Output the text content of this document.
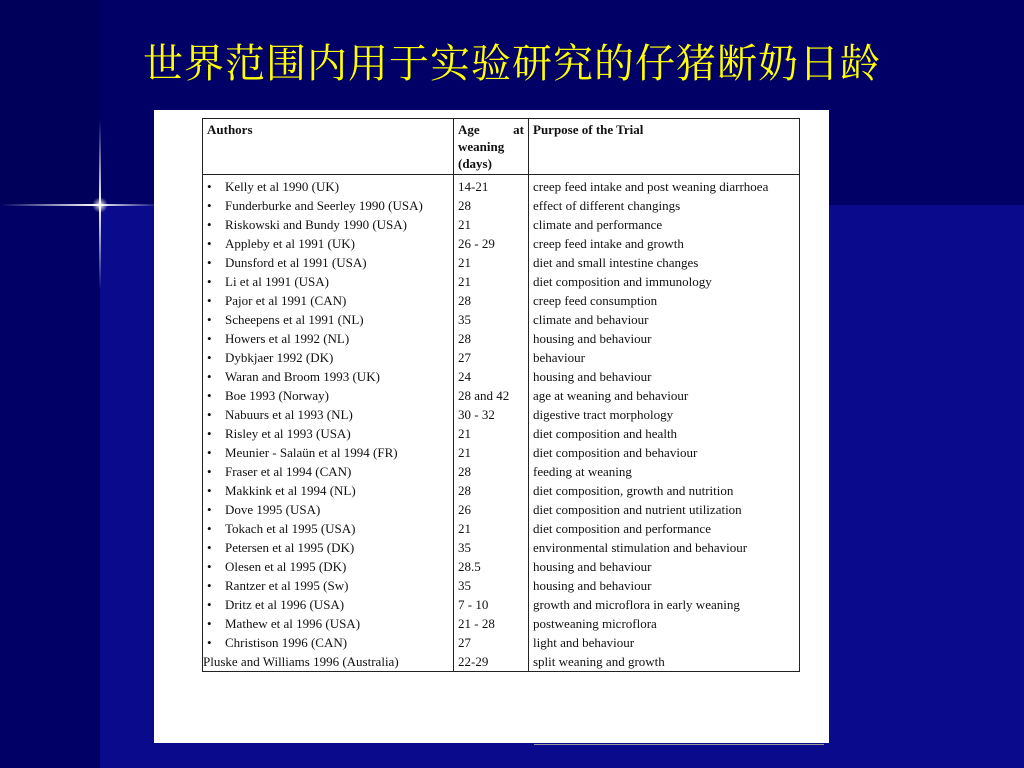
世界范围内用于实验研究的仔猪断奶日龄
Authors	Age at weaning (days)	Purpose of the Trial
• Kelly et al 1990 (UK)	14-21	creep feed intake and post weaning diarrhoea
• Funderburke and Seerley 1990 (USA)	28	effect of different changings
• Riskowski and Bundy 1990 (USA)	21	climate and performance
• Appleby et al 1991 (UK)	26 - 29	creep feed intake and growth
• Dunsford et al 1991 (USA)	21	diet and small intestine changes
• Li et al 1991 (USA)	21	diet composition and immunology
• Pajor et al 1991 (CAN)	28	creep feed consumption
• Scheepens et al 1991 (NL)	35	climate and behaviour
• Howers et al 1992 (NL)	28	housing and behaviour
• Dybkjaer 1992 (DK)	27	behaviour
• Waran and Broom 1993 (UK)	24	housing and behaviour
• Boe 1993 (Norway)	28 and 42	age at weaning and behaviour
• Nabuurs et al 1993 (NL)	30 - 32	digestive tract morphology
• Risley et al 1993 (USA)	21	diet composition and health
• Meunier - Salaün et al 1994 (FR)	21	diet composition and behaviour
• Fraser et al 1994 (CAN)	28	feeding at weaning
• Makkink et al 1994 (NL)	28	diet composition, growth and nutrition
• Dove 1995 (USA)	26	diet composition and nutrient utilization
• Tokach et al 1995 (USA)	21	diet composition and performance
• Petersen et al 1995 (DK)	35	environmental stimulation and behaviour
• Olesen et al 1995 (DK)	28.5	housing and behaviour
• Rantzer et al 1995 (Sw)	35	housing and behaviour
• Dritz et al 1996 (USA)	7 - 10	growth and microflora in early weaning
• Mathew et al 1996 (USA)	21 - 28	postweaning microflora
• Christison 1996 (CAN)	27	light and behaviour
Pluske and Williams 1996 (Australia)	22-29	split weaning and growth
